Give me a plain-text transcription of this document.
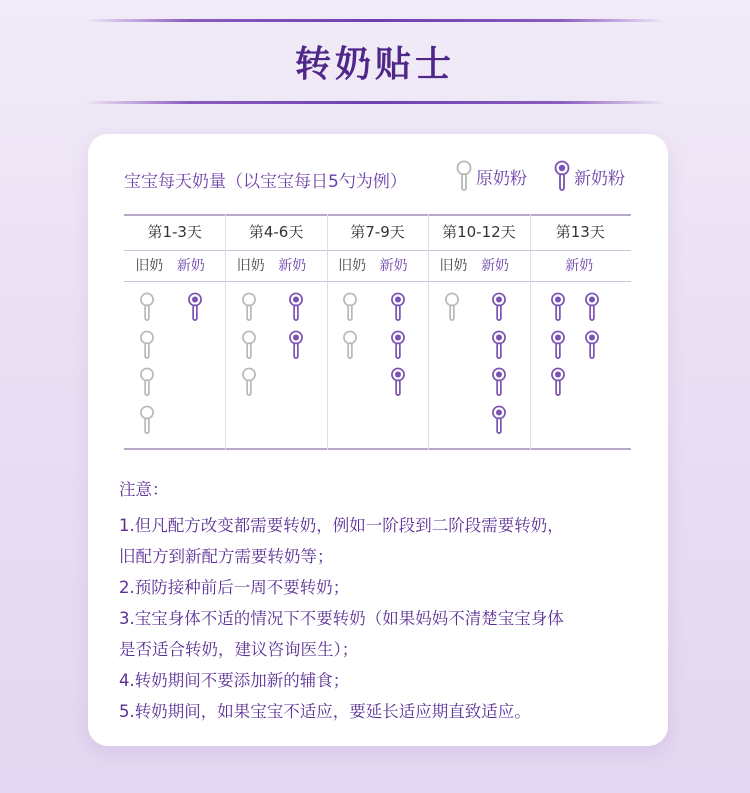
转奶贴士
宝宝每天奶量（以宝宝每日5勺为例）	原奶粉	新奶粉
第1-3天
旧奶 新奶
第4-6天
旧奶 新奶
第7-9天
旧奶 新奶
第10-12天
旧奶 新奶
第13天
新奶
注意：
1.但凡配方改变都需要转奶，例如一阶段到二阶段需要转奶，
旧配方到新配方需要转奶等；
2.预防接种前后一周不要转奶；
3.宝宝身体不适的情况下不要转奶（如果妈妈不清楚宝宝身体
是否适合转奶，建议咨询医生）；
4.转奶期间不要添加新的辅食；
5.转奶期间，如果宝宝不适应，要延长适应期直致适应。
